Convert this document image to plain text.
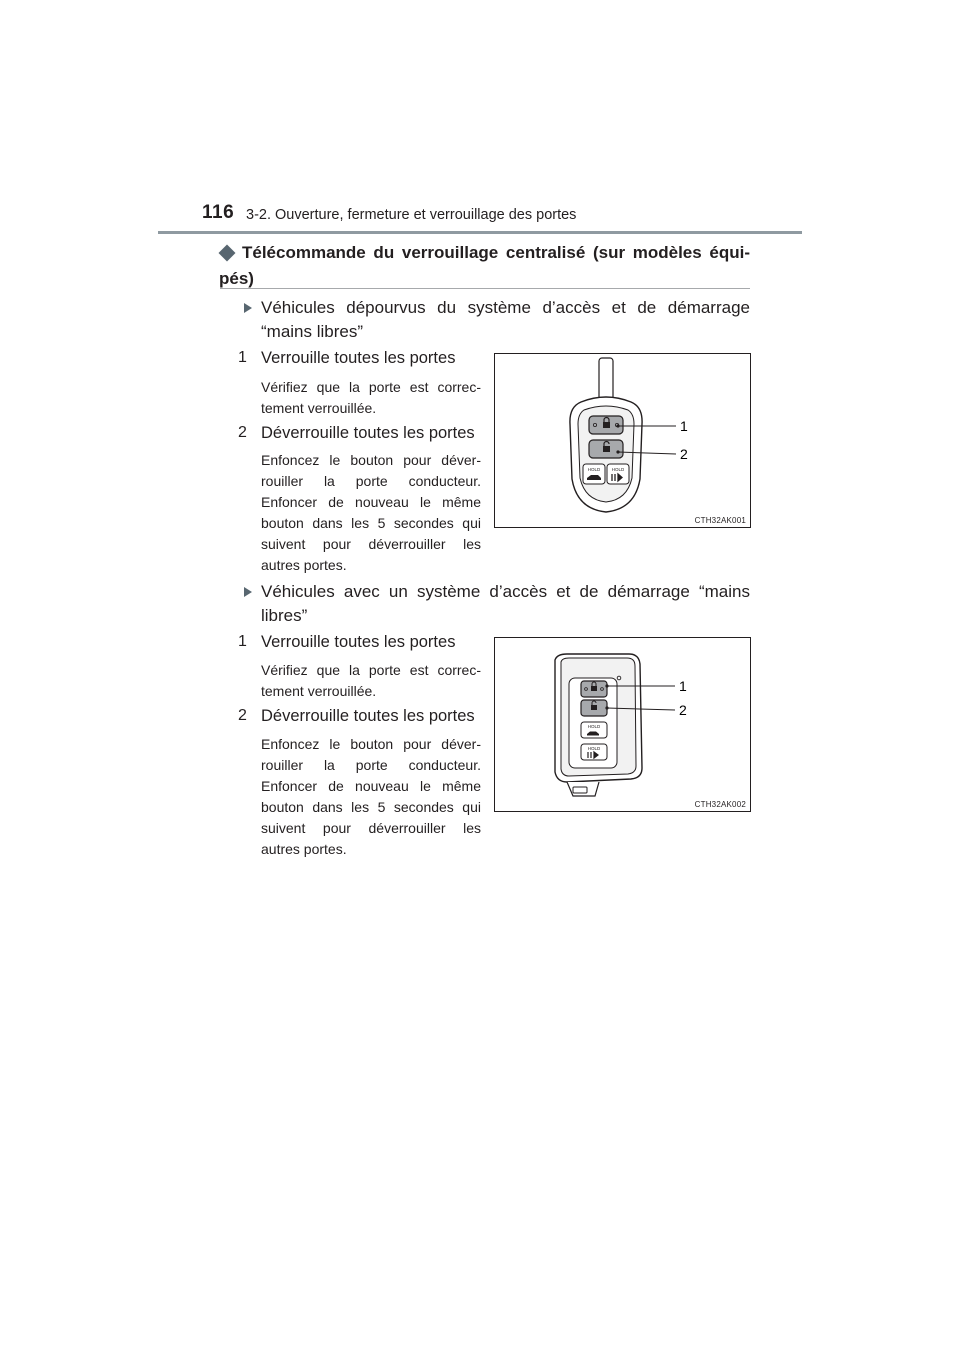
116 3-2. Ouverture, fermeture et verrouillage des portes
Télécommande du verrouillage centralisé (sur modèles équi-pés)
Véhicules dépourvus du système d’accès et de démarrage “mains libres”
1 Verrouille toutes les portes
Vérifiez que la porte est correc-tement verrouillée.
2 Déverrouille toutes les portes
Enfoncez le bouton pour déver-rouiller la porte conducteur. Enfoncer de nouveau le même bouton dans les 5 secondes qui suivent pour déverrouiller les autres portes.
HOLD	HOLD
1
2
CTH32AK001
Véhicules avec un système d’accès et de démarrage “mains libres”
1 Verrouille toutes les portes
Vérifiez que la porte est correc-tement verrouillée.
2 Déverrouille toutes les portes
Enfoncez le bouton pour déver-rouiller la porte conducteur. Enfoncer de nouveau le même bouton dans les 5 secondes qui suivent pour déverrouiller les autres portes.
HOLD
HOLD
1
2
CTH32AK002
